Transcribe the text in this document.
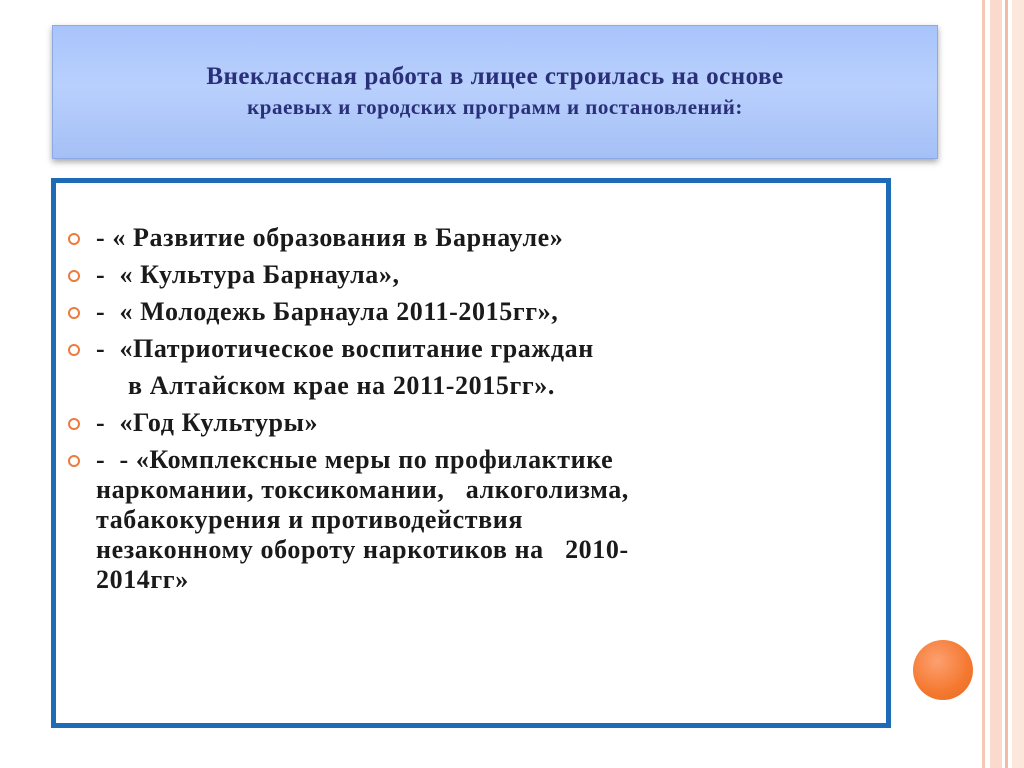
Внеклассная работа в лицее строилась на основе
краевых и городских программ и постановлений:
- « Развитие образования в Барнауле»
-  « Культура Барнаула»,
-  « Молодежь Барнаула 2011-2015гг»,
-  «Патриотическое воспитание граждан
в Алтайском крае на 2011-2015гг».
-  «Год Культуры»
-  - «Комплексные меры по профилактике
наркомании, токсикомании,   алкоголизма,
табакокурения и противодействия
незаконному обороту наркотиков на   2010-
2014гг»
